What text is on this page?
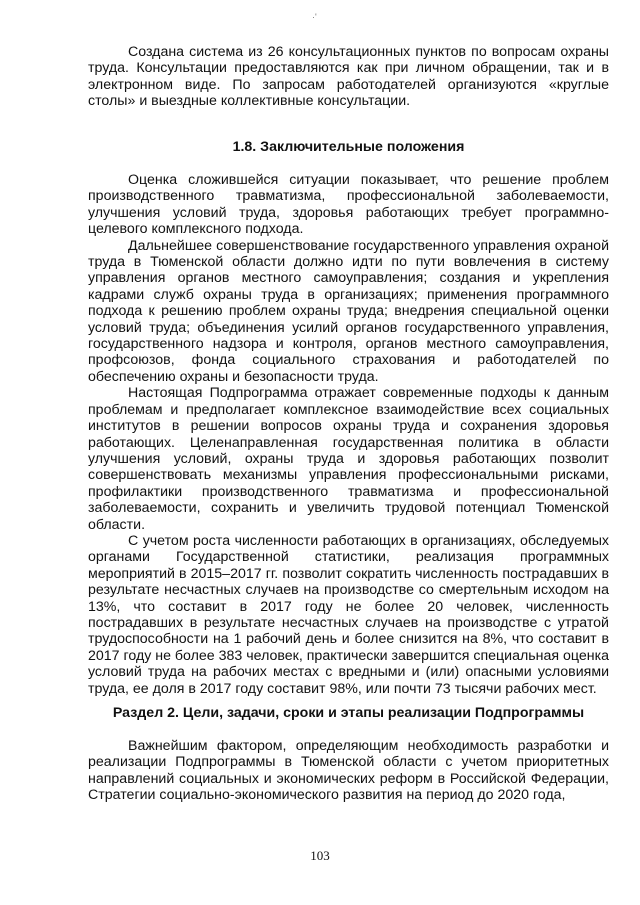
·'

Создана система из 26 консультационных пунктов по вопросам охраны труда. Консультации предоставляются как при личном обращении, так и в электронном виде. По запросам работодателей организуются «круглые столы» и выездные коллективные консультации.

1.8. Заключительные положения

Оценка сложившейся ситуации показывает, что решение проблем производственного травматизма, профессиональной заболеваемости, улучшения условий труда, здоровья работающих требует программно-целевого комплексного подхода.

Дальнейшее совершенствование государственного управления охраной труда в Тюменской области должно идти по пути вовлечения в систему управления органов местного самоуправления; создания и укрепления кадрами служб охраны труда в организациях; применения программного подхода к решению проблем охраны труда; внедрения специальной оценки условий труда; объединения усилий органов государственного управления, государственного надзора и контроля, органов местного самоуправления, профсоюзов, фонда социального страхования и работодателей по обеспечению охраны и безопасности труда.

Настоящая Подпрограмма отражает современные подходы к данным проблемам и предполагает комплексное взаимодействие всех социальных институтов в решении вопросов охраны труда и сохранения здоровья работающих. Целенаправленная государственная политика в области улучшения условий, охраны труда и здоровья работающих позволит совершенствовать механизмы управления профессиональными рисками, профилактики производственного травматизма и профессиональной заболеваемости, сохранить и увеличить трудовой потенциал Тюменской области.

С учетом роста численности работающих в организациях, обследуемых органами Государственной статистики, реализация программных мероприятий в 2015–2017 гг. позволит сократить численность пострадавших в результате несчастных случаев на производстве со смертельным исходом на 13%, что составит в 2017 году не более 20 человек, численность пострадавших в результате несчастных случаев на производстве с утратой трудоспособности на 1 рабочий день и более снизится на 8%, что составит в 2017 году не более 383 человек, практически завершится специальная оценка условий труда на рабочих местах с вредными и (или) опасными условиями труда, ее доля в 2017 году составит 98%, или почти 73 тысячи рабочих мест.

Раздел 2. Цели, задачи, сроки и этапы реализации Подпрограммы

Важнейшим фактором, определяющим необходимость разработки и реализации Подпрограммы в Тюменской области с учетом приоритетных направлений социальных и экономических реформ в Российской Федерации, Стратегии социально-экономического развития на период до 2020 года,

103
